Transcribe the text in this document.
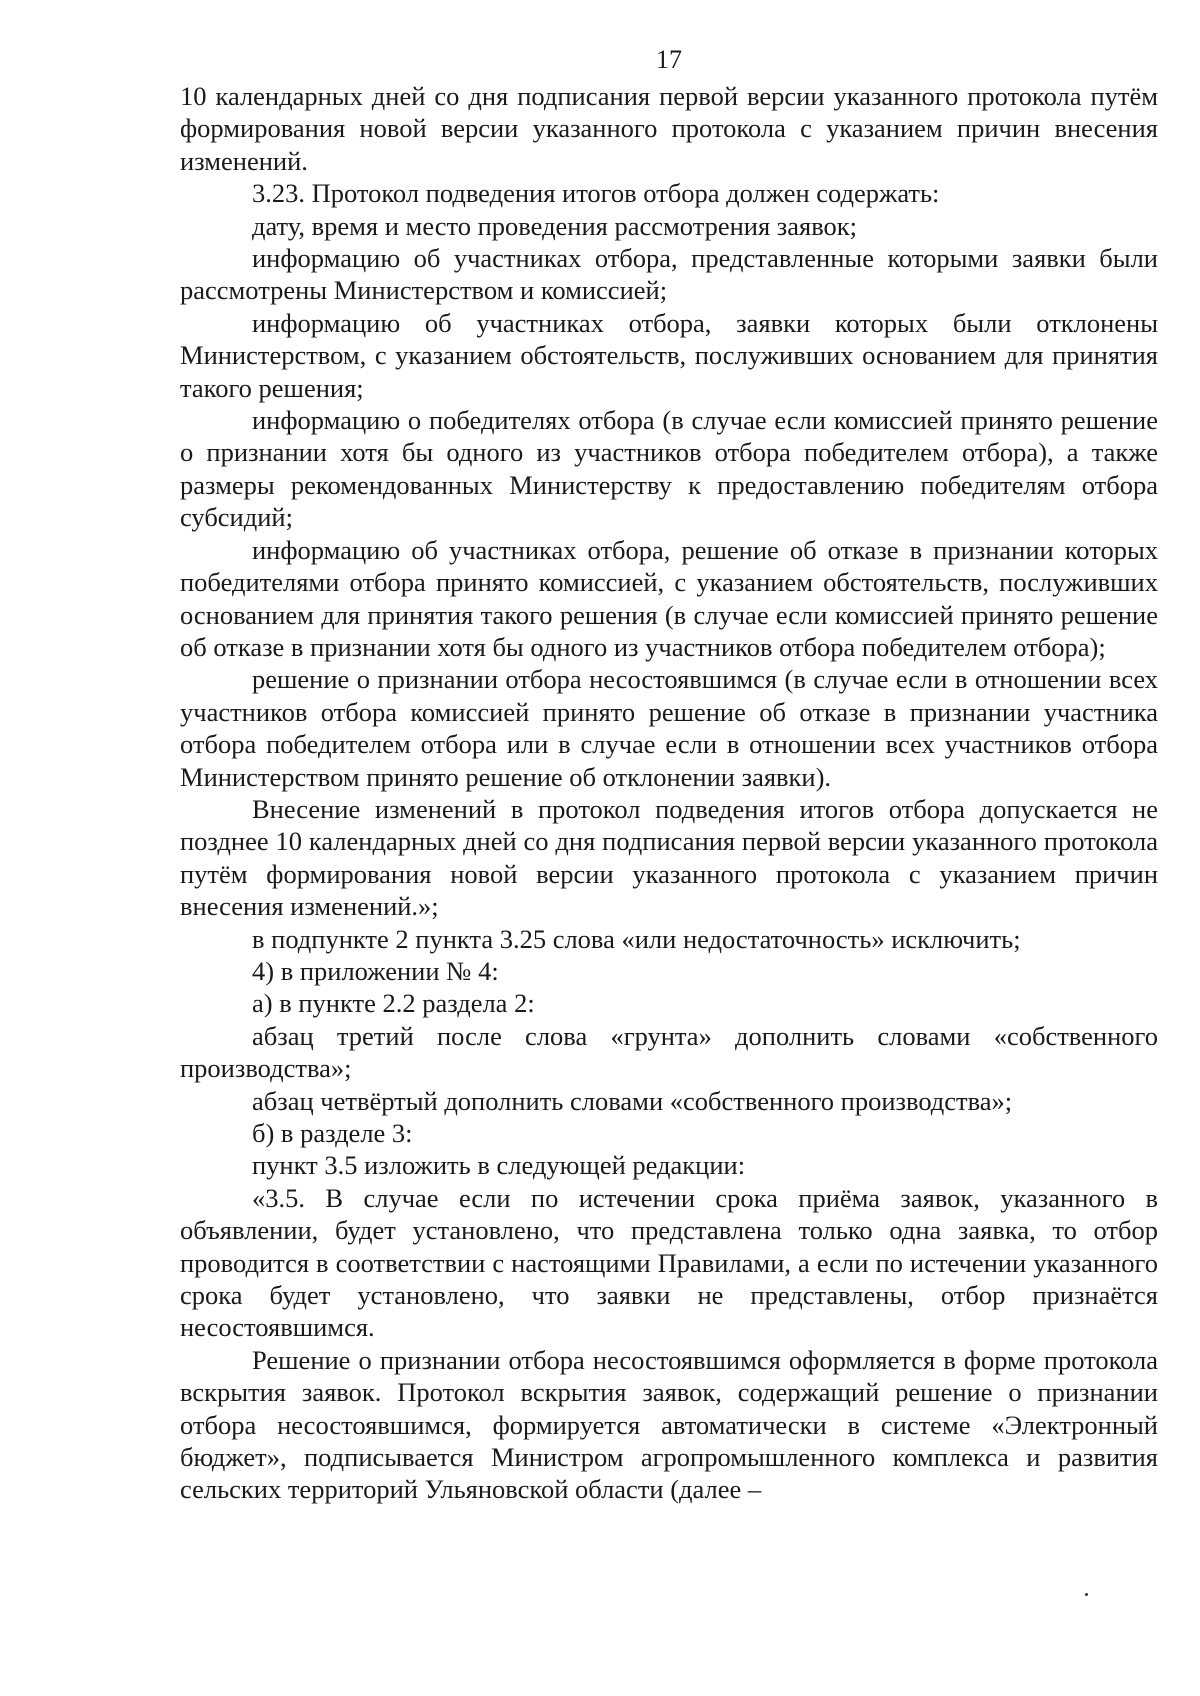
17

10 календарных дней со дня подписания первой версии указанного протокола путём формирования новой версии указанного протокола с указанием причин внесения изменений.

3.23. Протокол подведения итогов отбора должен содержать:

дату, время и место проведения рассмотрения заявок;

информацию об участниках отбора, представленные которыми заявки были рассмотрены Министерством и комиссией;

информацию об участниках отбора, заявки которых были отклонены Министерством, с указанием обстоятельств, послуживших основанием для принятия такого решения;

информацию о победителях отбора (в случае если комиссией принято решение о признании хотя бы одного из участников отбора победителем отбора), а также размеры рекомендованных Министерству к предоставлению победителям отбора субсидий;

информацию об участниках отбора, решение об отказе в признании которых победителями отбора принято комиссией, с указанием обстоятельств, послуживших основанием для принятия такого решения (в случае если комиссией принято решение об отказе в признании хотя бы одного из участников отбора победителем отбора);

решение о признании отбора несостоявшимся (в случае если в отношении всех участников отбора комиссией принято решение об отказе в признании участника отбора победителем отбора или в случае если в отношении всех участников отбора Министерством принято решение об отклонении заявки).

Внесение изменений в протокол подведения итогов отбора допускается не позднее 10 календарных дней со дня подписания первой версии указанного протокола путём формирования новой версии указанного протокола с указанием причин внесения изменений.»;

в подпункте 2 пункта 3.25 слова «или недостаточность» исключить;

4) в приложении № 4:

а) в пункте 2.2 раздела 2:

абзац третий после слова «грунта» дополнить словами «собственного производства»;

абзац четвёртый дополнить словами «собственного производства»;

б) в разделе 3:

пункт 3.5 изложить в следующей редакции:

«3.5. В случае если по истечении срока приёма заявок, указанного в объявлении, будет установлено, что представлена только одна заявка, то отбор проводится в соответствии с настоящими Правилами, а если по истечении указанного срока будет установлено, что заявки не представлены, отбор признаётся несостоявшимся.

Решение о признании отбора несостоявшимся оформляется в форме протокола вскрытия заявок. Протокол вскрытия заявок, содержащий решение о признании отбора несостоявшимся, формируется автоматически в системе «Электронный бюджет», подписывается Министром агропромышленного комплекса и развития сельских территорий Ульяновской области (далее –
